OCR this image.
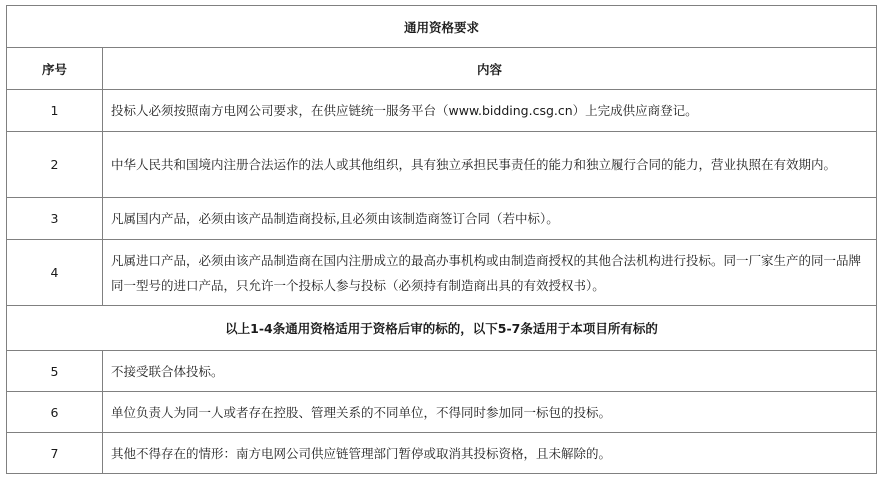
通用资格要求	
序号	内容
1	投标人必须按照南方电网公司要求，在供应链统一服务平台（www.bidding.csg.cn）上完成供应商登记。
2	中华人民共和国境内注册合法运作的法人或其他组织，具有独立承担民事责任的能力和独立履行合同的能力，营业执照在有效期内。
3	凡属国内产品，必须由该产品制造商投标,且必须由该制造商签订合同（若中标）。
4	凡属进口产品，必须由该产品制造商在国内注册成立的最高办事机构或由制造商授权的其他合法机构进行投标。同一厂家生产的同一品牌同一型号的进口产品，只允许一个投标人参与投标（必须持有制造商出具的有效授权书）。
以上1-4条通用资格适用于资格后审的标的，以下5-7条适用于本项目所有标的	
5	不接受联合体投标。
6	单位负责人为同一人或者存在控股、管理关系的不同单位，不得同时参加同一标包的投标。
7	其他不得存在的情形：南方电网公司供应链管理部门暂停或取消其投标资格，且未解除的。
